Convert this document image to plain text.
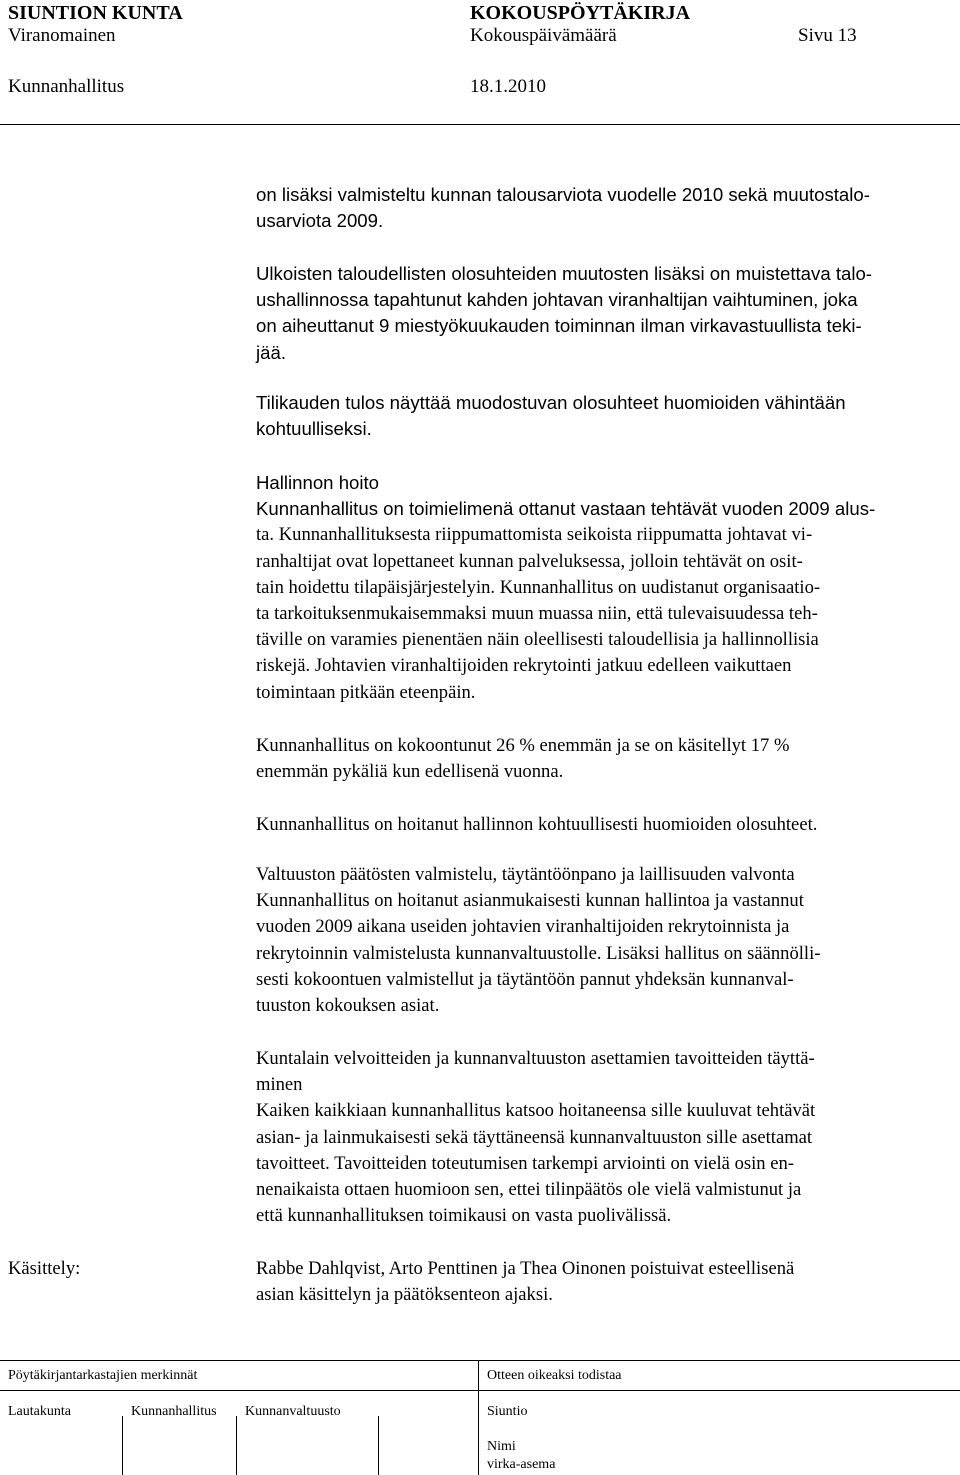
SIUNTION KUNTA	KOKOUSPÖYTÄKIRJA
Viranomainen	Kokouspäivämäärä	Sivu 13
Kunnanhallitus	18.1.2010
on lisäksi valmisteltu kunnan talousarviota vuodelle 2010 sekä muutostalo-
usarviota 2009.
Ulkoisten taloudellisten olosuhteiden muutosten lisäksi on muistettava talo-
ushallinnossa tapahtunut kahden johtavan viranhaltijan vaihtuminen, joka
on aiheuttanut 9 miestyökuukauden toiminnan ilman virkavastuullista teki-
jää.
Tilikauden tulos näyttää muodostuvan olosuhteet huomioiden vähintään
kohtuulliseksi.
Hallinnon hoito
Kunnanhallitus on toimielimenä ottanut vastaan tehtävät vuoden 2009 alus-
ta. Kunnanhallituksesta riippumattomista seikoista riippumatta johtavat vi-
ranhaltijat ovat lopettaneet kunnan palveluksessa, jolloin tehtävät on osit-
tain hoidettu tilapäisjärjestelyin. Kunnanhallitus on uudistanut organisaatio-
ta tarkoituksenmukaisemmaksi muun muassa niin, että tulevaisuudessa teh-
täville on varamies pienentäen näin oleellisesti taloudellisia ja hallinnollisia
riskejä. Johtavien viranhaltijoiden rekrytointi jatkuu edelleen vaikuttaen
toimintaan pitkään eteenpäin.
Kunnanhallitus on kokoontunut 26 % enemmän ja se on käsitellyt 17 %
enemmän pykäliä kun edellisenä vuonna.
Kunnanhallitus on hoitanut hallinnon kohtuullisesti huomioiden olosuhteet.
Valtuuston päätösten valmistelu, täytäntöönpano ja laillisuuden valvonta
Kunnanhallitus on hoitanut asianmukaisesti kunnan hallintoa ja vastannut
vuoden 2009 aikana useiden johtavien viranhaltijoiden rekrytoinnista ja
rekrytoinnin valmistelusta kunnanvaltuustolle. Lisäksi hallitus on säännölli-
sesti kokoontuen valmistellut ja täytäntöön pannut yhdeksän kunnanval-
tuuston kokouksen asiat.
Kuntalain velvoitteiden ja kunnanvaltuuston asettamien tavoitteiden täyttä-
minen
Kaiken kaikkiaan kunnanhallitus katsoo hoitaneensa sille kuuluvat tehtävät
asian- ja lainmukaisesti sekä täyttäneensä kunnanvaltuuston sille asettamat
tavoitteet. Tavoitteiden toteutumisen tarkempi arviointi on vielä osin en-
nenaikaista ottaen huomioon sen, ettei tilinpäätös ole vielä valmistunut ja
että kunnanhallituksen toimikausi on vasta puolivälissä.
Käsittely:	Rabbe Dahlqvist, Arto Penttinen ja Thea Oinonen poistuivat esteellisenä
asian käsittelyn ja päätöksenteon ajaksi.
Pöytäkirjantarkastajien merkinnät	Otteen oikeaksi todistaa
Lautakunta	Kunnanhallitus Kunnanvaltuusto	Siuntio
Nimi
virka-asema
